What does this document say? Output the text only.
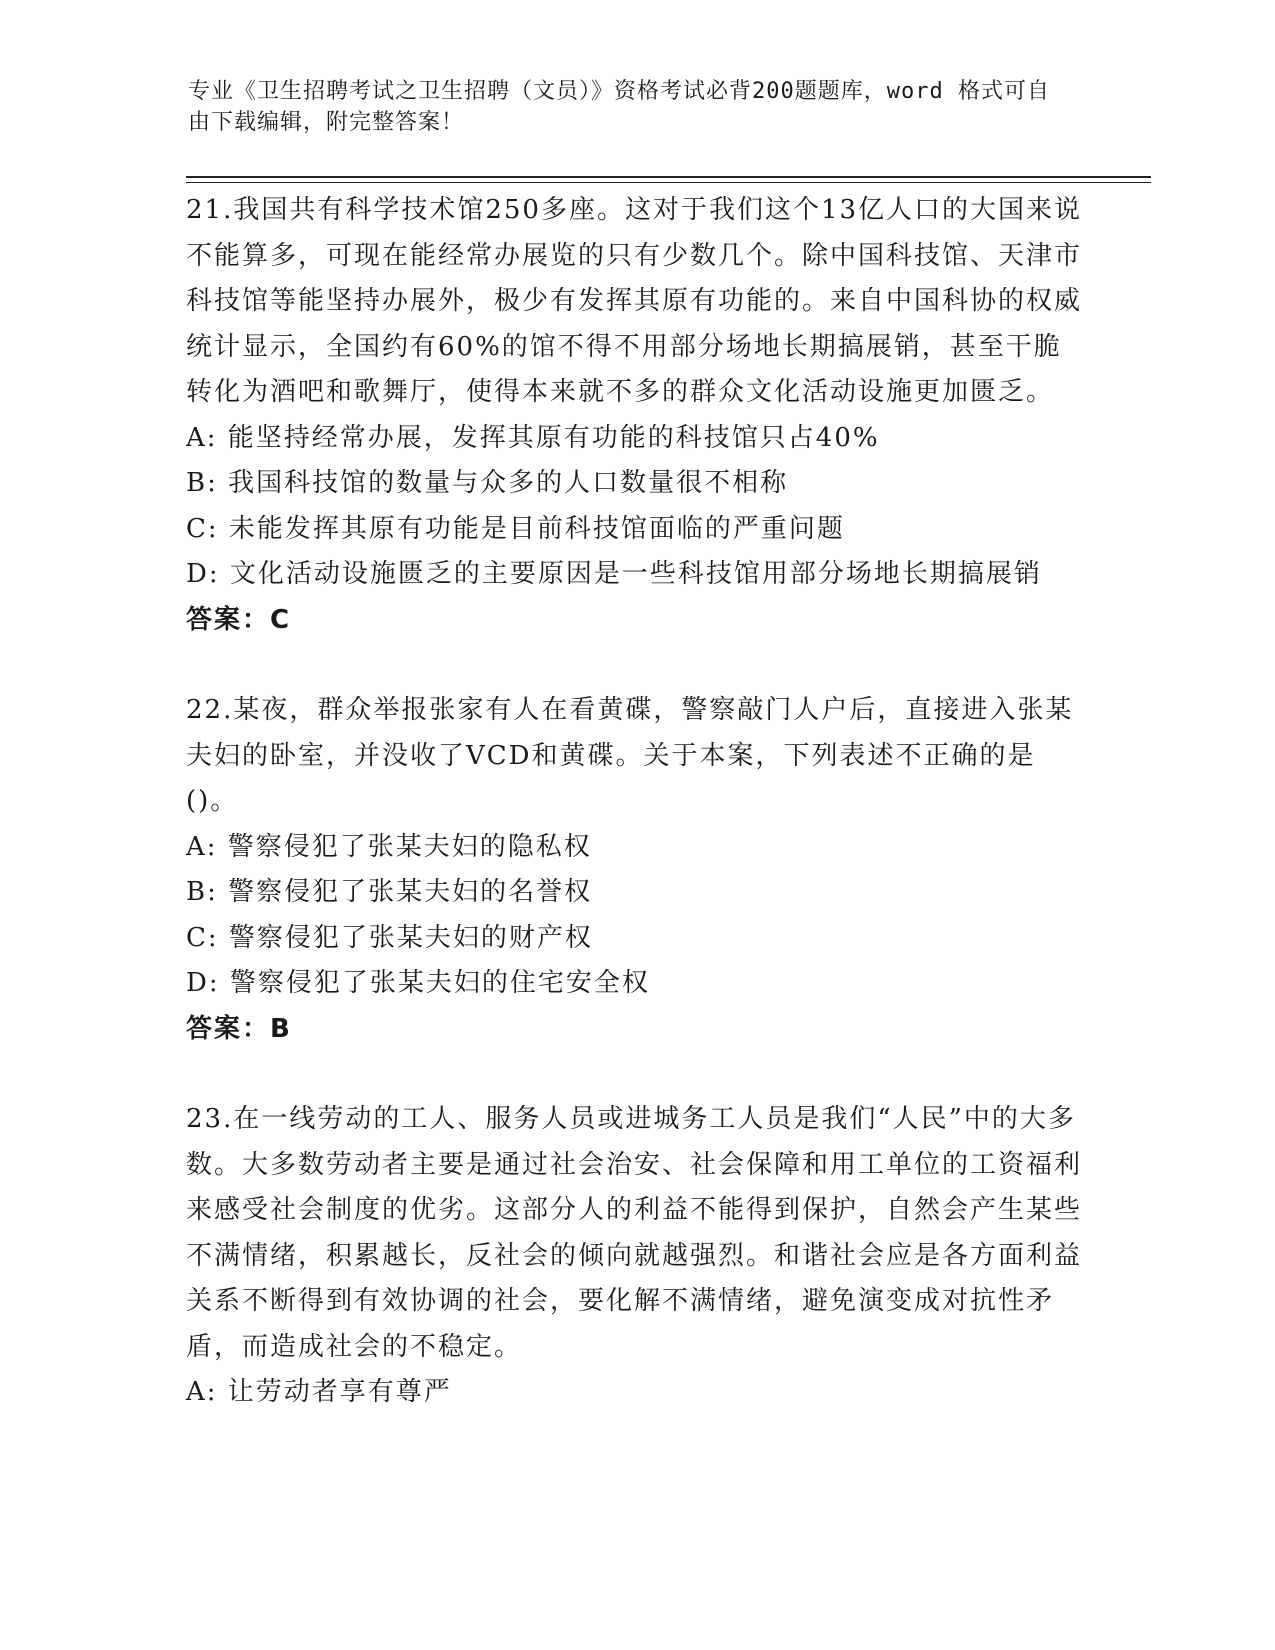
专业《卫生招聘考试之卫生招聘（文员）》资格考试必背200题题库，word 格式可自由下载编辑，附完整答案！

21.我国共有科学技术馆250多座。这对于我们这个13亿人口的大国来说不能算多，可现在能经常办展览的只有少数几个。除中国科技馆、天津市科技馆等能坚持办展外，极少有发挥其原有功能的。来自中国科协的权威统计显示，全国约有60%的馆不得不用部分场地长期搞展销，甚至干脆转化为酒吧和歌舞厅，使得本来就不多的群众文化活动设施更加匮乏。

A: 能坚持经常办展，发挥其原有功能的科技馆只占40%

B: 我国科技馆的数量与众多的人口数量很不相称

C: 未能发挥其原有功能是目前科技馆面临的严重问题

D: 文化活动设施匮乏的主要原因是一些科技馆用部分场地长期搞展销

答案：C

22.某夜，群众举报张家有人在看黄碟，警察敲门人户后，直接进入张某夫妇的卧室，并没收了VCD和黄碟。关于本案，下列表述不正确的是()。

A: 警察侵犯了张某夫妇的隐私权

B: 警察侵犯了张某夫妇的名誉权

C: 警察侵犯了张某夫妇的财产权

D: 警察侵犯了张某夫妇的住宅安全权

答案：B

23.在一线劳动的工人、服务人员或进城务工人员是我们“人民”中的大多数。大多数劳动者主要是通过社会治安、社会保障和用工单位的工资福利来感受社会制度的优劣。这部分人的利益不能得到保护，自然会产生某些不满情绪，积累越长，反社会的倾向就越强烈。和谐社会应是各方面利益关系不断得到有效协调的社会，要化解不满情绪，避免演变成对抗性矛盾，而造成社会的不稳定。

A: 让劳动者享有尊严
